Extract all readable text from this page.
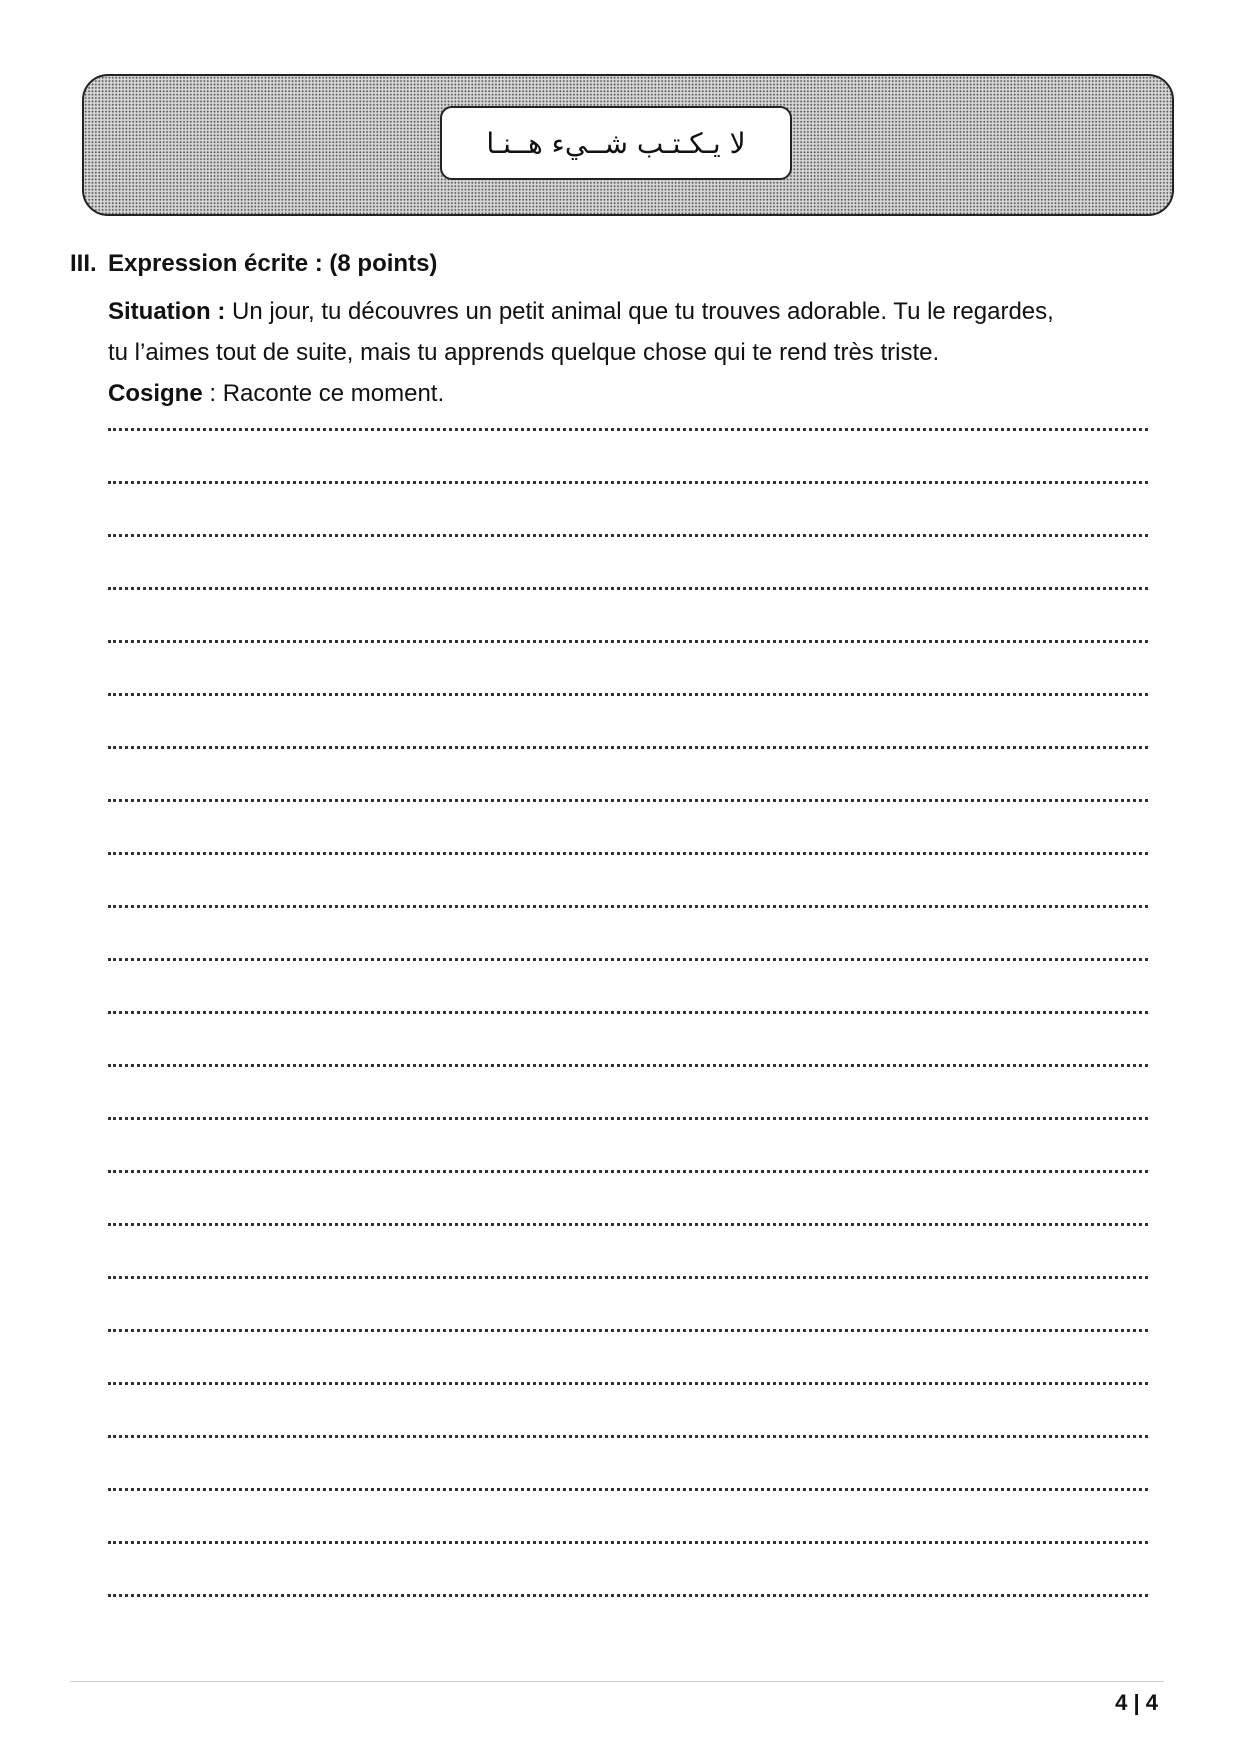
لا يـكـتـب شــيء هــنـا
III. Expression écrite : (8 points)
Situation : Un jour, tu découvres un petit animal que tu trouves adorable. Tu le regardes,
tu l’aimes tout de suite, mais tu apprends quelque chose qui te rend très triste.
Cosigne : Raconte ce moment.
4 | 4
